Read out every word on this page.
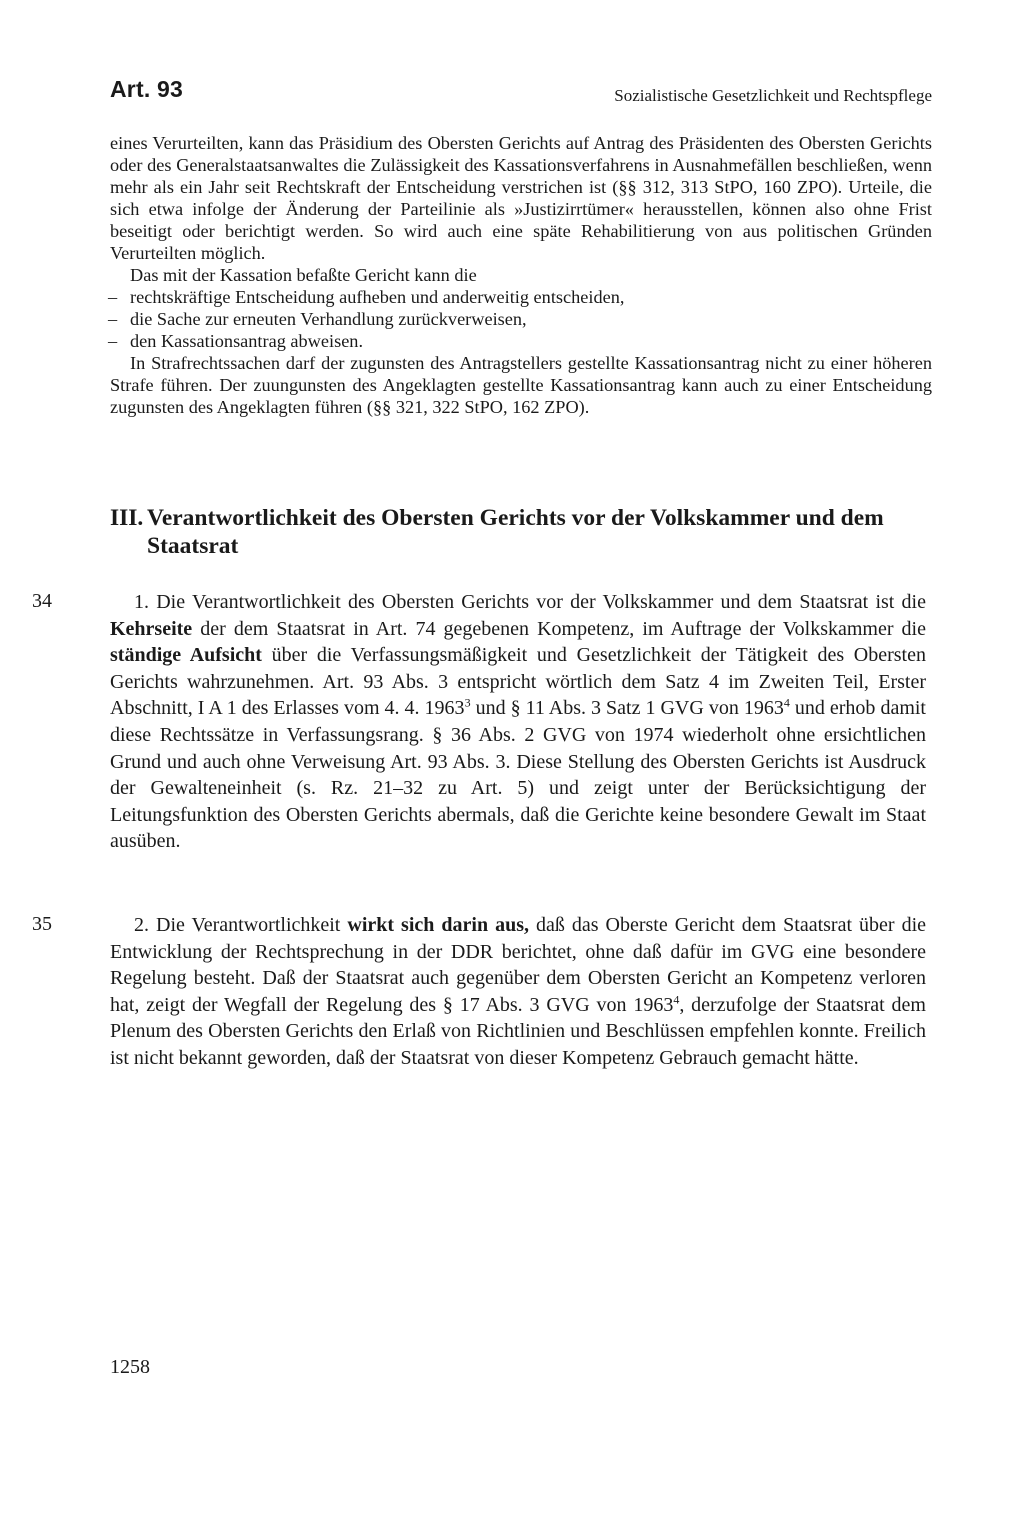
Art. 93	Sozialistische Gesetzlichkeit und Rechtspflege

eines Verurteilten, kann das Präsidium des Obersten Gerichts auf Antrag des Präsidenten des Obersten Gerichts oder des Generalstaatsanwaltes die Zulässigkeit des Kassationsverfahrens in Ausnahmefällen beschließen, wenn mehr als ein Jahr seit Rechtskraft der Entscheidung verstrichen ist (§§ 312, 313 StPO, 160 ZPO). Urteile, die sich etwa infolge der Änderung der Parteilinie als »Justizirrtümer« herausstellen, können also ohne Frist beseitigt oder berichtigt werden. So wird auch eine späte Rehabilitierung von aus politischen Gründen Verurteilten möglich.

Das mit der Kassation befaßte Gericht kann die

– rechtskräftige Entscheidung aufheben und anderweitig entscheiden,
– die Sache zur erneuten Verhandlung zurückverweisen,
– den Kassationsantrag abweisen.

In Strafrechtssachen darf der zugunsten des Antragstellers gestellte Kassationsantrag nicht zu einer höheren Strafe führen. Der zuungunsten des Angeklagten gestellte Kassationsantrag kann auch zu einer Entscheidung zugunsten des Angeklagten führen (§§ 321, 322 StPO, 162 ZPO).

III. Verantwortlichkeit des Obersten Gerichts vor der Volkskammer und dem Staatsrat
34	1. Die Verantwortlichkeit des Obersten Gerichts vor der Volkskammer und dem Staatsrat ist die Kehrseite der dem Staatsrat in Art. 74 gegebenen Kompetenz, im Auftrage der Volkskammer die ständige Aufsicht über die Verfassungsmäßigkeit und Gesetzlichkeit der Tätigkeit des Obersten Gerichts wahrzunehmen. Art. 93 Abs. 3 entspricht wörtlich dem Satz 4 im Zweiten Teil, Erster Abschnitt, I A 1 des Erlasses vom 4. 4. 1963$^3$ und § 11 Abs. 3 Satz 1 GVG von 1963$^4$ und erhob damit diese Rechtssätze in Verfassungsrang. § 36 Abs. 2 GVG von 1974 wiederholt ohne ersichtlichen Grund und auch ohne Verweisung Art. 93 Abs. 3. Diese Stellung des Obersten Gerichts ist Ausdruck der Gewalteneinheit (s. Rz. 21–32 zu Art. 5) und zeigt unter der Berücksichtigung der Leitungsfunktion des Obersten Gerichts abermals, daß die Gerichte keine besondere Gewalt im Staat ausüben.

35	2. Die Verantwortlichkeit wirkt sich darin aus, daß das Oberste Gericht dem Staatsrat über die Entwicklung der Rechtsprechung in der DDR berichtet, ohne daß dafür im GVG eine besondere Regelung besteht. Daß der Staatsrat auch gegenüber dem Obersten Gericht an Kompetenz verloren hat, zeigt der Wegfall der Regelung des § 17 Abs. 3 GVG von 1963$^4$, derzufolge der Staatsrat dem Plenum des Obersten Gerichts den Erlaß von Richtlinien und Beschlüssen empfehlen konnte. Freilich ist nicht bekannt geworden, daß der Staatsrat von dieser Kompetenz Gebrauch gemacht hätte.

1258
